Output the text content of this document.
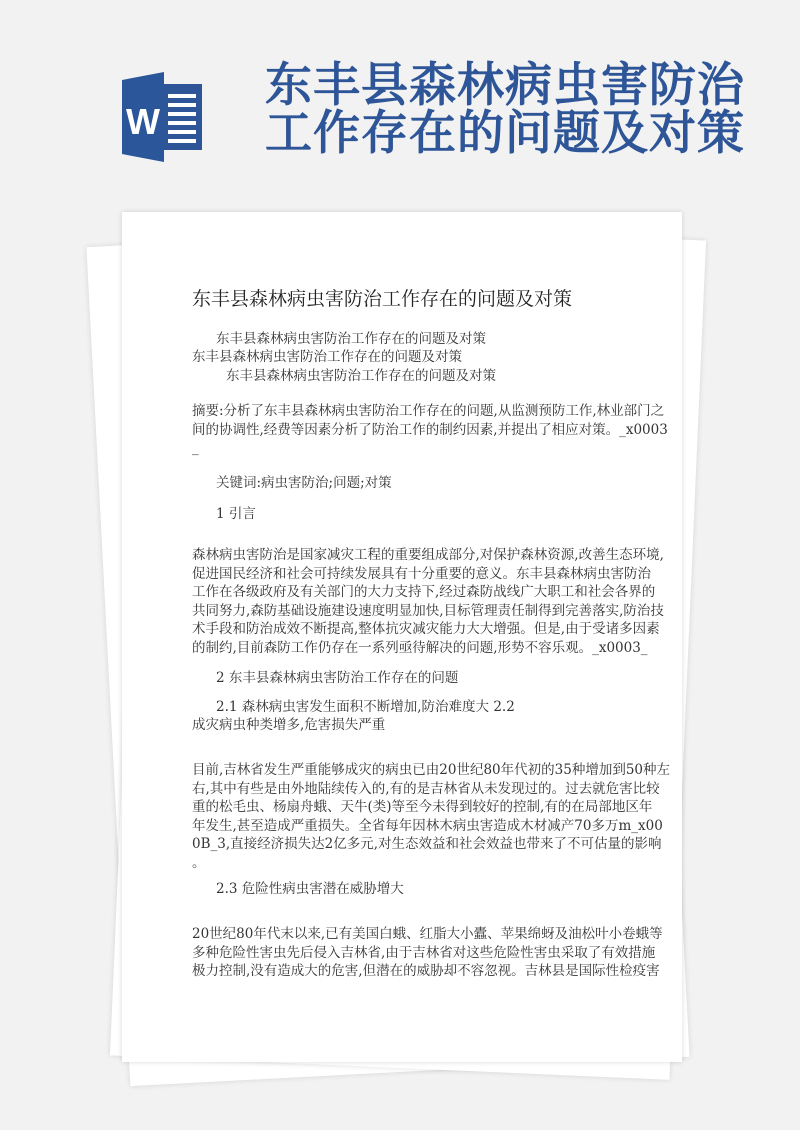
W
东丰县森林病虫害防治
工作存在的问题及对策
东丰县森林病虫害防治工作存在的问题及对策
东丰县森林病虫害防治工作存在的问题及对策
东丰县森林病虫害防治工作存在的问题及对策
东丰县森林病虫害防治工作存在的问题及对策
摘要:分析了东丰县森林病虫害防治工作存在的问题,从监测预防工作,林业部门之
间的协调性,经费等因素分析了防治工作的制约因素,并提出了相应对策。_x0003
_
关键词:病虫害防治;问题;对策
1 引言
森林病虫害防治是国家减灾工程的重要组成部分,对保护森林资源,改善生态环境,
促进国民经济和社会可持续发展具有十分重要的意义。东丰县森林病虫害防治
工作在各级政府及有关部门的大力支持下,经过森防战线广大职工和社会各界的
共同努力,森防基础设施建设速度明显加快,目标管理责任制得到完善落实,防治技
术手段和防治成效不断提高,整体抗灾减灾能力大大增强。但是,由于受诸多因素
的制约,目前森防工作仍存在一系列亟待解决的问题,形势不容乐观。_x0003_
2 东丰县森林病虫害防治工作存在的问题
2.1 森林病虫害发生面积不断增加,防治难度大 2.2
成灾病虫种类增多,危害损失严重
目前,吉林省发生严重能够成灾的病虫已由20世纪80年代初的35种增加到50种左
右,其中有些是由外地陆续传入的,有的是吉林省从未发现过的。过去就危害比较
重的松毛虫、杨扇舟蛾、天牛(类)等至今未得到较好的控制,有的在局部地区年
年发生,甚至造成严重损失。全省每年因林木病虫害造成木材减产70多万m_x00
0B_3,直接经济损失达2亿多元,对生态效益和社会效益也带来了不可估量的影响
。
2.3 危险性病虫害潜在威胁增大
20世纪80年代末以来,已有美国白蛾、红脂大小蠹、苹果绵蚜及油松叶小卷蛾等
多种危险性害虫先后侵入吉林省,由于吉林省对这些危险性害虫采取了有效措施
极力控制,没有造成大的危害,但潜在的威胁却不容忽视。吉林县是国际性检疫害
